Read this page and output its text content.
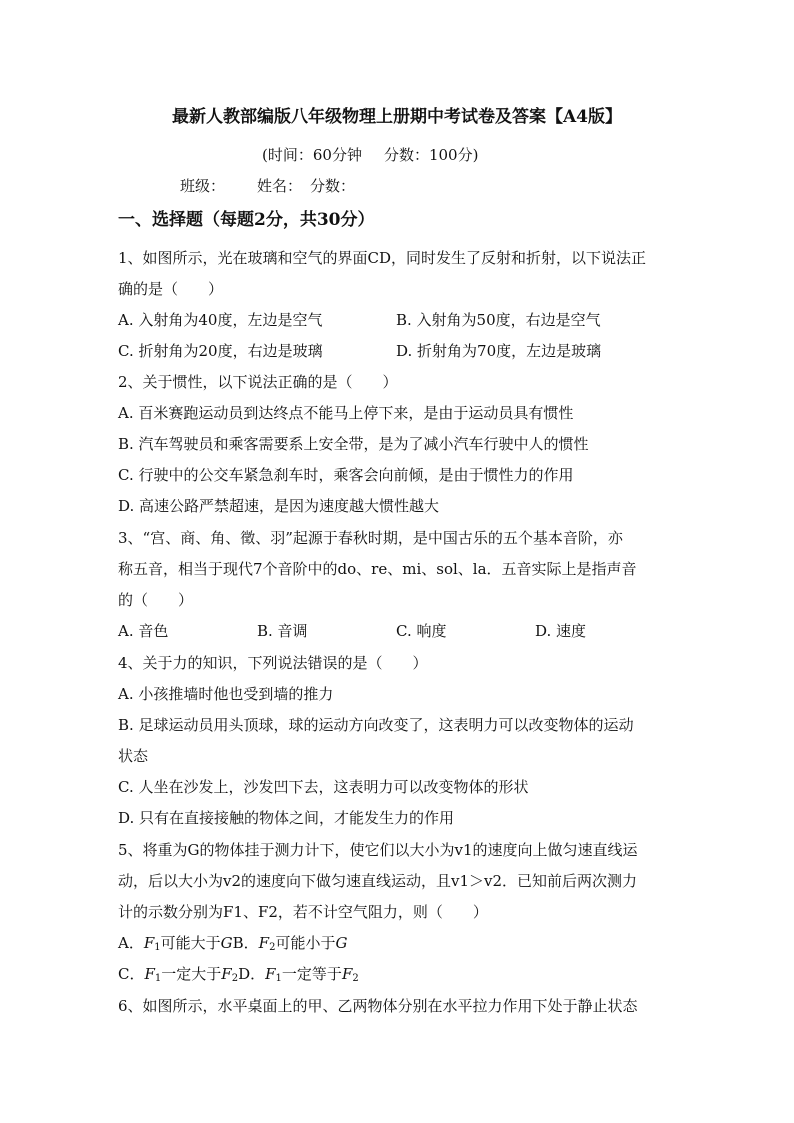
最新人教部编版八年级物理上册期中考试卷及答案【A4版】
(时间：60分钟 分数：100分)
班级： 姓名： 分数：
一、选择题（每题2分，共30分）
1、如图所示，光在玻璃和空气的界面CD，同时发生了反射和折射，以下说法正
确的是（　　）
A. 入射角为40度，左边是空气	B. 入射角为50度，右边是空气
C. 折射角为20度，右边是玻璃	D. 折射角为70度，左边是玻璃
2、关于惯性，以下说法正确的是（　　）
A. 百米赛跑运动员到达终点不能马上停下来，是由于运动员具有惯性
B. 汽车驾驶员和乘客需要系上安全带，是为了减小汽车行驶中人的惯性
C. 行驶中的公交车紧急刹车时，乘客会向前倾，是由于惯性力的作用
D. 高速公路严禁超速，是因为速度越大惯性越大
3、“宫、商、角、徵、羽”起源于春秋时期，是中国古乐的五个基本音阶，亦
称五音，相当于现代7个音阶中的do、re、mi、sol、la．五音实际上是指声音
的（　　）
A. 音色	B. 音调	C. 响度	D. 速度
4、关于力的知识，下列说法错误的是（　　）
A. 小孩推墙时他也受到墙的推力
B. 足球运动员用头顶球，球的运动方向改变了，这表明力可以改变物体的运动
状态
C. 人坐在沙发上，沙发凹下去，这表明力可以改变物体的形状
D. 只有在直接接触的物体之间，才能发生力的作用
5、将重为G的物体挂于测力计下，使它们以大小为v1的速度向上做匀速直线运
动，后以大小为v2的速度向下做匀速直线运动，且v1＞v2．已知前后两次测力
计的示数分别为F1、F2，若不计空气阻力，则（　　）
A．$F_1$可能大于GB．$F_2$可能小于G
C．$F_1$一定大于$F_2D$．$F_1$一定等于$F_2$
6、如图所示，水平桌面上的甲、乙两物体分别在水平拉力作用下处于静止状态
